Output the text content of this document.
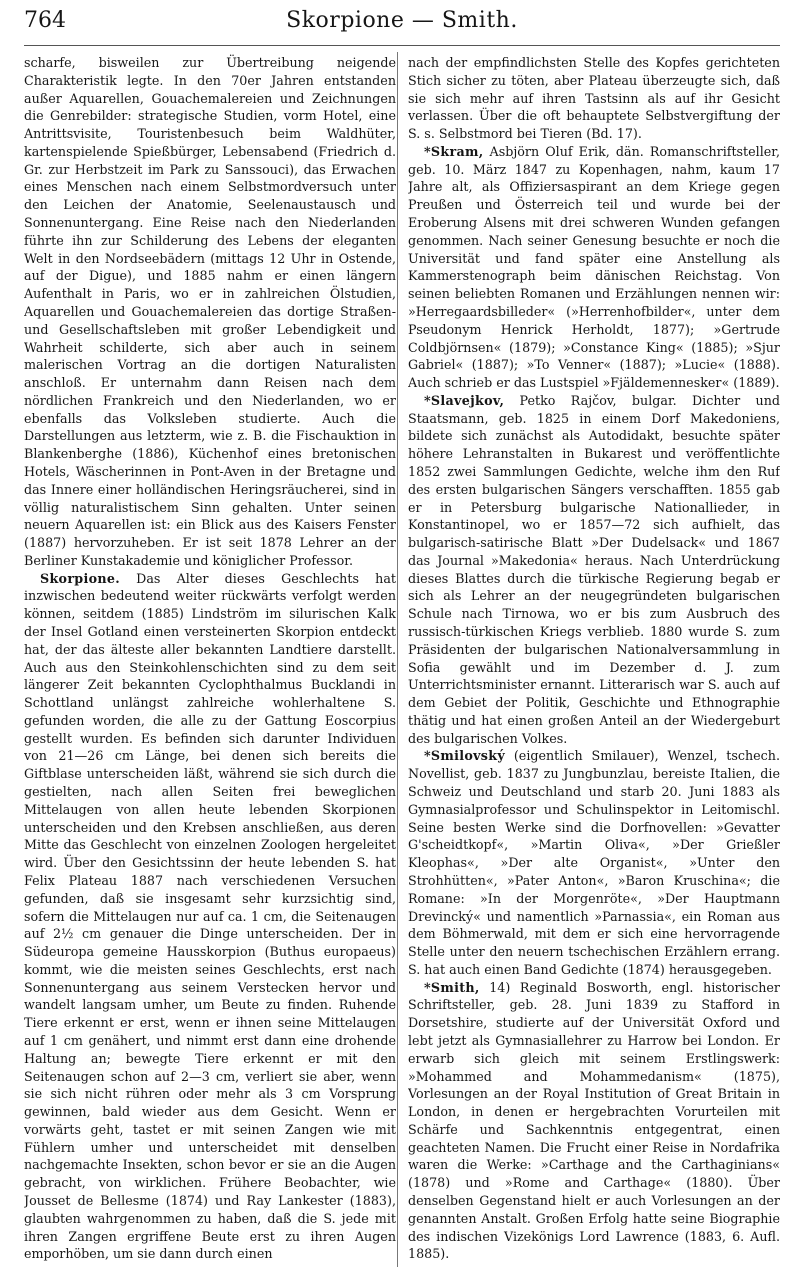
764	Skorpione — Smith.

scharfe, bisweilen zur Übertreibung neigende Charakteristik legte. In den 70er Jahren entstanden außer Aquarellen, Gouachemalereien und Zeichnungen die Genrebilder: strategische Studien, vorm Hotel, eine Antrittsvisite, Touristenbesuch beim Waldhüter, kartenspielende Spießbürger, Lebensabend (Friedrich d. Gr. zur Herbstzeit im Park zu Sanssouci), das Erwachen eines Menschen nach einem Selbstmordversuch unter den Leichen der Anatomie, Seelenaustausch und Sonnenuntergang. Eine Reise nach den Niederlanden führte ihn zur Schilderung des Lebens der eleganten Welt in den Nordseebädern (mittags 12 Uhr in Ostende, auf der Digue), und 1885 nahm er einen längern Aufenthalt in Paris, wo er in zahlreichen Ölstudien, Aquarellen und Gouachemalereien das dortige Straßen- und Gesellschaftsleben mit großer Lebendigkeit und Wahrheit schilderte, sich aber auch in seinem malerischen Vortrag an die dortigen Naturalisten anschloß. Er unternahm dann Reisen nach dem nördlichen Frankreich und den Niederlanden, wo er ebenfalls das Volksleben studierte. Auch die Darstellungen aus letzterm, wie z. B. die Fischauktion in Blankenberghe (1886), Küchenhof eines bretonischen Hotels, Wäscherinnen in Pont-Aven in der Bretagne und das Innere einer holländischen Heringsräucherei, sind in völlig naturalistischem Sinn gehalten. Unter seinen neuern Aquarellen ist: ein Blick aus des Kaisers Fenster (1887) hervorzuheben. Er ist seit 1878 Lehrer an der Berliner Kunstakademie und königlicher Professor.

Skorpione. Das Alter dieses Geschlechts hat inzwischen bedeutend weiter rückwärts verfolgt werden können, seitdem (1885) Lindström im silurischen Kalk der Insel Gotland einen versteinerten Skorpion entdeckt hat, der das älteste aller bekannten Landtiere darstellt. Auch aus den Steinkohlenschichten sind zu dem seit längerer Zeit bekannten Cyclophthalmus Bucklandi in Schottland unlängst zahlreiche wohlerhaltene S. gefunden worden, die alle zu der Gattung Eoscorpius gestellt wurden. Es befinden sich darunter Individuen von 21—26 cm Länge, bei denen sich bereits die Giftblase unterscheiden läßt, während sie sich durch die gestielten, nach allen Seiten frei beweglichen Mittelaugen von allen heute lebenden Skorpionen unterscheiden und den Krebsen anschließen, aus deren Mitte das Geschlecht von einzelnen Zoologen hergeleitet wird. Über den Gesichtssinn der heute lebenden S. hat Felix Plateau 1887 nach verschiedenen Versuchen gefunden, daß sie insgesamt sehr kurzsichtig sind, sofern die Mittelaugen nur auf ca. 1 cm, die Seitenaugen auf 2½ cm genauer die Dinge unterscheiden. Der in Südeuropa gemeine Hausskorpion (Buthus europaeus) kommt, wie die meisten seines Geschlechts, erst nach Sonnenuntergang aus seinem Verstecken hervor und wandelt langsam umher, um Beute zu finden. Ruhende Tiere erkennt er erst, wenn er ihnen seine Mittelaugen auf 1 cm genähert, und nimmt erst dann eine drohende Haltung an; bewegte Tiere erkennt er mit den Seitenaugen schon auf 2—3 cm, verliert sie aber, wenn sie sich nicht rühren oder mehr als 3 cm Vorsprung gewinnen, bald wieder aus dem Gesicht. Wenn er vorwärts geht, tastet er mit seinen Zangen wie mit Fühlern umher und unterscheidet mit denselben nachgemachte Insekten, schon bevor er sie an die Augen gebracht, von wirklichen. Frühere Beobachter, wie Jousset de Bellesme (1874) und Ray Lankester (1883), glaubten wahrgenommen zu haben, daß die S. jede mit ihren Zangen ergriffene Beute erst zu ihren Augen emporhöben, um sie dann durch einen

nach der empfindlichsten Stelle des Kopfes gerichteten Stich sicher zu töten, aber Plateau überzeugte sich, daß sie sich mehr auf ihren Tastsinn als auf ihr Gesicht verlassen. Über die oft behauptete Selbstvergiftung der S. s. Selbstmord bei Tieren (Bd. 17).

*Skram, Asbjörn Oluf Erik, dän. Romanschriftsteller, geb. 10. März 1847 zu Kopenhagen, nahm, kaum 17 Jahre alt, als Offiziersaspirant an dem Kriege gegen Preußen und Österreich teil und wurde bei der Eroberung Alsens mit drei schweren Wunden gefangen genommen. Nach seiner Genesung besuchte er noch die Universität und fand später eine Anstellung als Kammerstenograph beim dänischen Reichstag. Von seinen beliebten Romanen und Erzählungen nennen wir: »Herregaardsbilleder« (»Herrenhofbilder«, unter dem Pseudonym Henrick Herholdt, 1877); »Gertrude Coldbjörnsen« (1879); »Constance King« (1885); »Sjur Gabriel« (1887); »To Venner« (1887); »Lucie« (1888). Auch schrieb er das Lustspiel »Fjäldemennesker« (1889).

*Slavejkov, Petko Rajčov, bulgar. Dichter und Staatsmann, geb. 1825 in einem Dorf Makedoniens, bildete sich zunächst als Autodidakt, besuchte später höhere Lehranstalten in Bukarest und veröffentlichte 1852 zwei Sammlungen Gedichte, welche ihm den Ruf des ersten bulgarischen Sängers verschafften. 1855 gab er in Petersburg bulgarische Nationallieder, in Konstantinopel, wo er 1857—72 sich aufhielt, das bulgarisch-satirische Blatt »Der Dudelsack« und 1867 das Journal »Makedonia« heraus. Nach Unterdrückung dieses Blattes durch die türkische Regierung begab er sich als Lehrer an der neugegründeten bulgarischen Schule nach Tirnowa, wo er bis zum Ausbruch des russisch-türkischen Kriegs verblieb. 1880 wurde S. zum Präsidenten der bulgarischen Nationalversammlung in Sofia gewählt und im Dezember d. J. zum Unterrichtsminister ernannt. Litterarisch war S. auch auf dem Gebiet der Politik, Geschichte und Ethnographie thätig und hat einen großen Anteil an der Wiedergeburt des bulgarischen Volkes.

*Smilovský (eigentlich Smilauer), Wenzel, tschech. Novellist, geb. 1837 zu Jungbunzlau, bereiste Italien, die Schweiz und Deutschland und starb 20. Juni 1883 als Gymnasialprofessor und Schulinspektor in Leitomischl. Seine besten Werke sind die Dorfnovellen: »Gevatter G'scheidtkopf«, »Martin Oliva«, »Der Grießler Kleophas«, »Der alte Organist«, »Unter den Strohhütten«, »Pater Anton«, »Baron Kruschina«; die Romane: »In der Morgenröte«, »Der Hauptmann Drevincký« und namentlich »Parnassia«, ein Roman aus dem Böhmerwald, mit dem er sich eine hervorragende Stelle unter den neuern tschechischen Erzählern errang. S. hat auch einen Band Gedichte (1874) herausgegeben.

*Smith, 14) Reginald Bosworth, engl. historischer Schriftsteller, geb. 28. Juni 1839 zu Stafford in Dorsetshire, studierte auf der Universität Oxford und lebt jetzt als Gymnasiallehrer zu Harrow bei London. Er erwarb sich gleich mit seinem Erstlingswerk: »Mohammed and Mohammedanism« (1875), Vorlesungen an der Royal Institution of Great Britain in London, in denen er hergebrachten Vorurteilen mit Schärfe und Sachkenntnis entgegentrat, einen geachteten Namen. Die Frucht einer Reise in Nordafrika waren die Werke: »Carthage and the Carthaginians« (1878) und »Rome and Carthage« (1880). Über denselben Gegenstand hielt er auch Vorlesungen an der genannten Anstalt. Großen Erfolg hatte seine Biographie des indischen Vizekönigs Lord Lawrence (1883, 6. Aufl. 1885).
